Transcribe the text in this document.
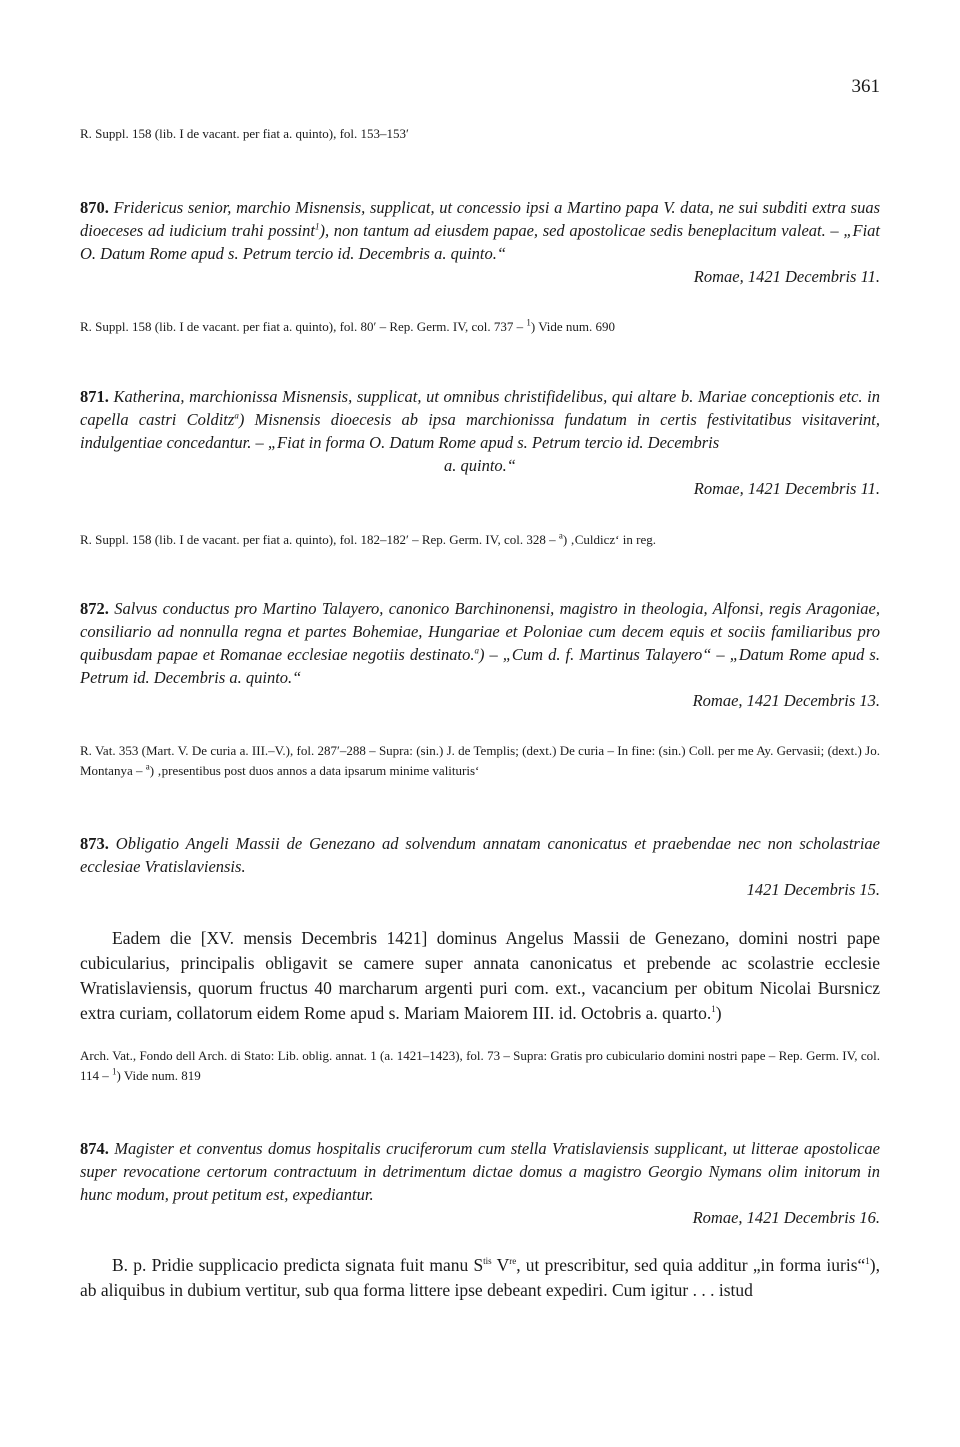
361

R. Suppl. 158 (lib. I de vacant. per fiat a. quinto), fol. 153–153′

870. Fridericus senior, marchio Misnensis, supplicat, ut concessio ipsi a Martino papa V. data, ne sui subditi extra suas dioeceses ad iudicium trahi possint$^1$), non tantum ad eiusdem papae, sed apostolicae sedis beneplacitum valeat. – „Fiat O. Datum Rome apud s. Petrum tercio id. Decembris a. quinto.“

Romae, 1421 Decembris 11.

R. Suppl. 158 (lib. I de vacant. per fiat a. quinto), fol. 80′ – Rep. Germ. IV, col. 737 – $^1$) Vide num. 690

871. Katherina, marchionissa Misnensis, supplicat, ut omnibus christifidelibus, qui altare b. Mariae conceptionis etc. in capella castri Colditz$^a$) Misnensis dioecesis ab ipsa marchionissa fundatum in certis festivitatibus visitaverint, indulgentiae concedantur. – „Fiat in forma O. Datum Rome apud s. Petrum tercio id. Decembris
a. quinto.“

Romae, 1421 Decembris 11.

R. Suppl. 158 (lib. I de vacant. per fiat a. quinto), fol. 182–182′ – Rep. Germ. IV, col. 328 – $^a$) ‚Culdicz‘ in reg.

872. Salvus conductus pro Martino Talayero, canonico Barchinonensi, magistro in theologia, Alfonsi, regis Aragoniae, consiliario ad nonnulla regna et partes Bohemiae, Hungariae et Poloniae cum decem equis et sociis familiaribus pro quibusdam papae et Romanae ecclesiae negotiis destinato.$^a$) – „Cum d. f. Martinus Talayero“ – „Datum Rome apud s. Petrum id. Decembris a. quinto.“

Romae, 1421 Decembris 13.

R. Vat. 353 (Mart. V. De curia a. III.–V.), fol. 287′–288 – Supra: (sin.) J. de Templis; (dext.) De curia – In fine: (sin.) Coll. per me Ay. Gervasii; (dext.) Jo. Montanya – $^a$) ‚presentibus post duos annos a data ipsarum minime valituris‘

873. Obligatio Angeli Massii de Genezano ad solvendum annatam canonicatus et praebendae nec non scholastriae ecclesiae Vratislaviensis.

1421 Decembris 15.

Eadem die [XV. mensis Decembris 1421] dominus Angelus Massii de Genezano, domini nostri pape cubicularius, principalis obligavit se camere super annata canonicatus et prebende ac scolastrie ecclesie Wratislaviensis, quorum fructus 40 marcharum argenti puri com. ext., vacancium per obitum Nicolai Bursnicz extra curiam, collatorum eidem Rome apud s. Mariam Maiorem III. id. Octobris a. quarto.$^1$)

Arch. Vat., Fondo dell Arch. di Stato: Lib. oblig. annat. 1 (a. 1421–1423), fol. 73 – Supra: Gratis pro cubiculario domini nostri pape – Rep. Germ. IV, col. 114 – $^1$) Vide num. 819

874. Magister et conventus domus hospitalis cruciferorum cum stella Vratislaviensis supplicant, ut litterae apostolicae super revocatione certorum contractuum in detrimentum dictae domus a magistro Georgio Nymans olim initorum in hunc modum, prout petitum est, expediantur.

Romae, 1421 Decembris 16.

B. p. Pridie supplicacio predicta signata fuit manu $S^{tis}$ Vre, ut prescribitur, sed quia additur „in forma iuris“$^1$), ab aliquibus in dubium vertitur, sub qua forma littere ipse debeant expediri. Cum igitur . . . istud
